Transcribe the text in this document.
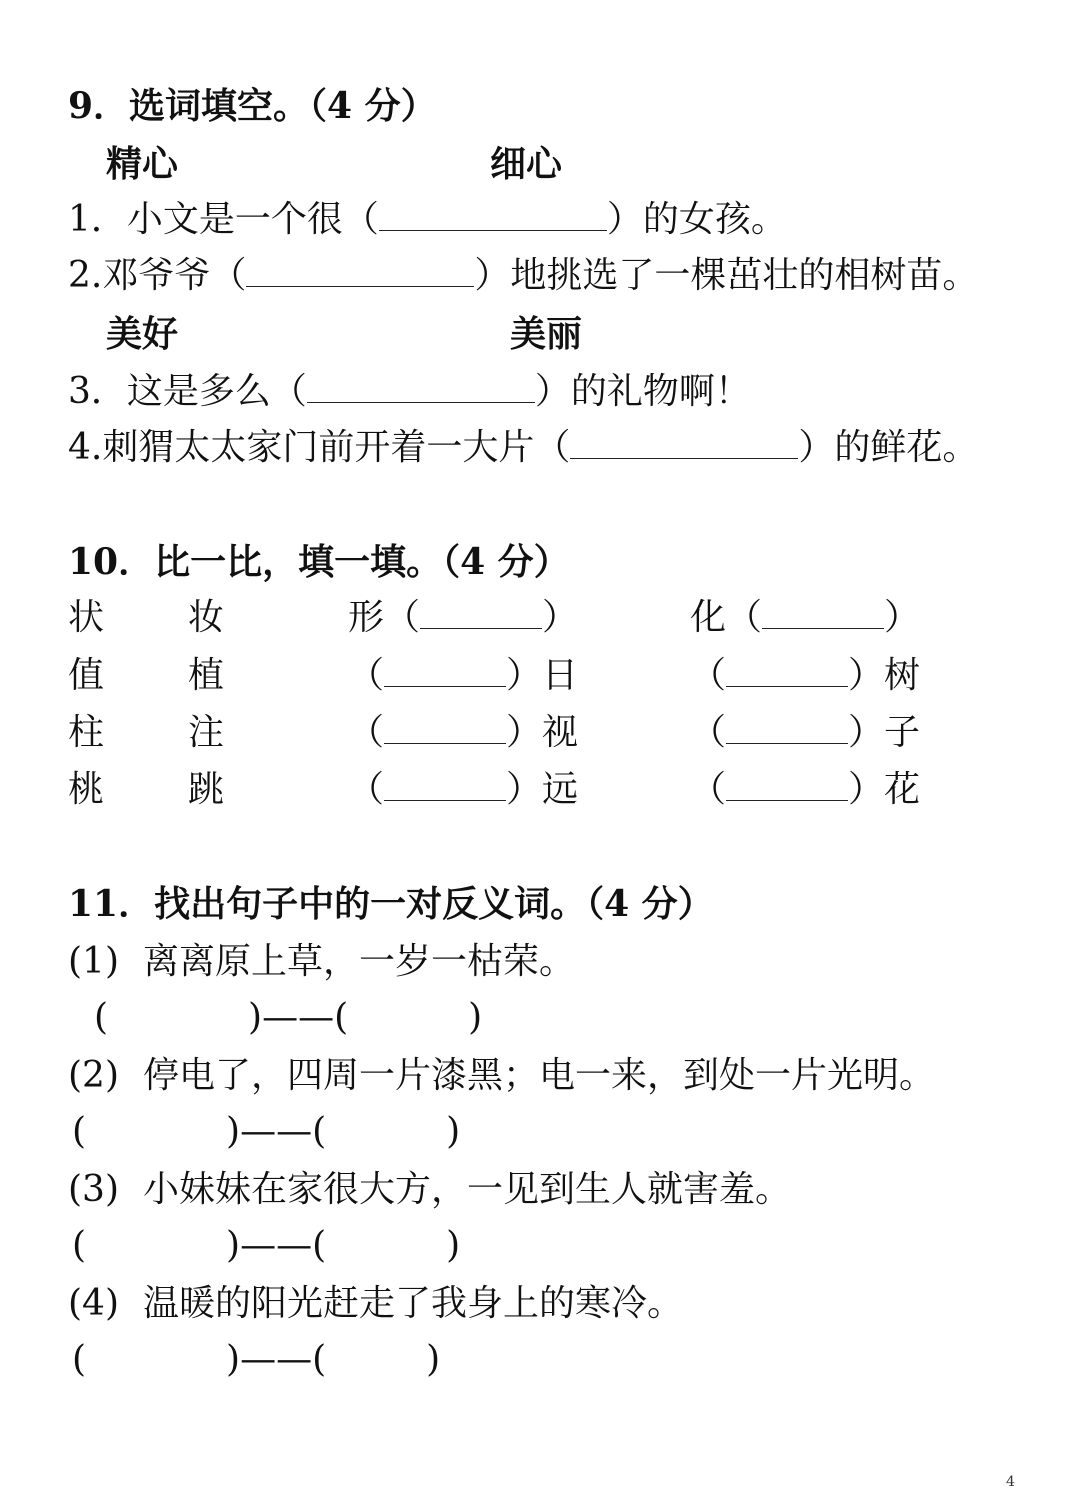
9．选词填空。（4 分）
精心	细心
1．小文是一个很（	）的女孩。
2.邓爷爷（	）地挑选了一棵茁壮的相树苗。
美好	美丽
3．这是多么（	）的礼物啊！
4.刺猬太太家门前开着一大片（	）的鲜花。
10．比一比，填一填。（4 分）
状 妆	形（	）	化（	）
值 植	（	）日	（	）树
柱 注	（	）视	（	）子
桃 跳	（	）远	（	）花
11．找出句子中的一对反义词。（4 分）
(1) 离离原上草，一岁一枯荣。
(	)——(	)
(2) 停电了，四周一片漆黑；电一来，到处一片光明。
(	)——(	)
(3) 小妹妹在家很大方，一见到生人就害羞。
(	)——(	)
(4) 温暖的阳光赶走了我身上的寒冷。
(	)——(	)
4
